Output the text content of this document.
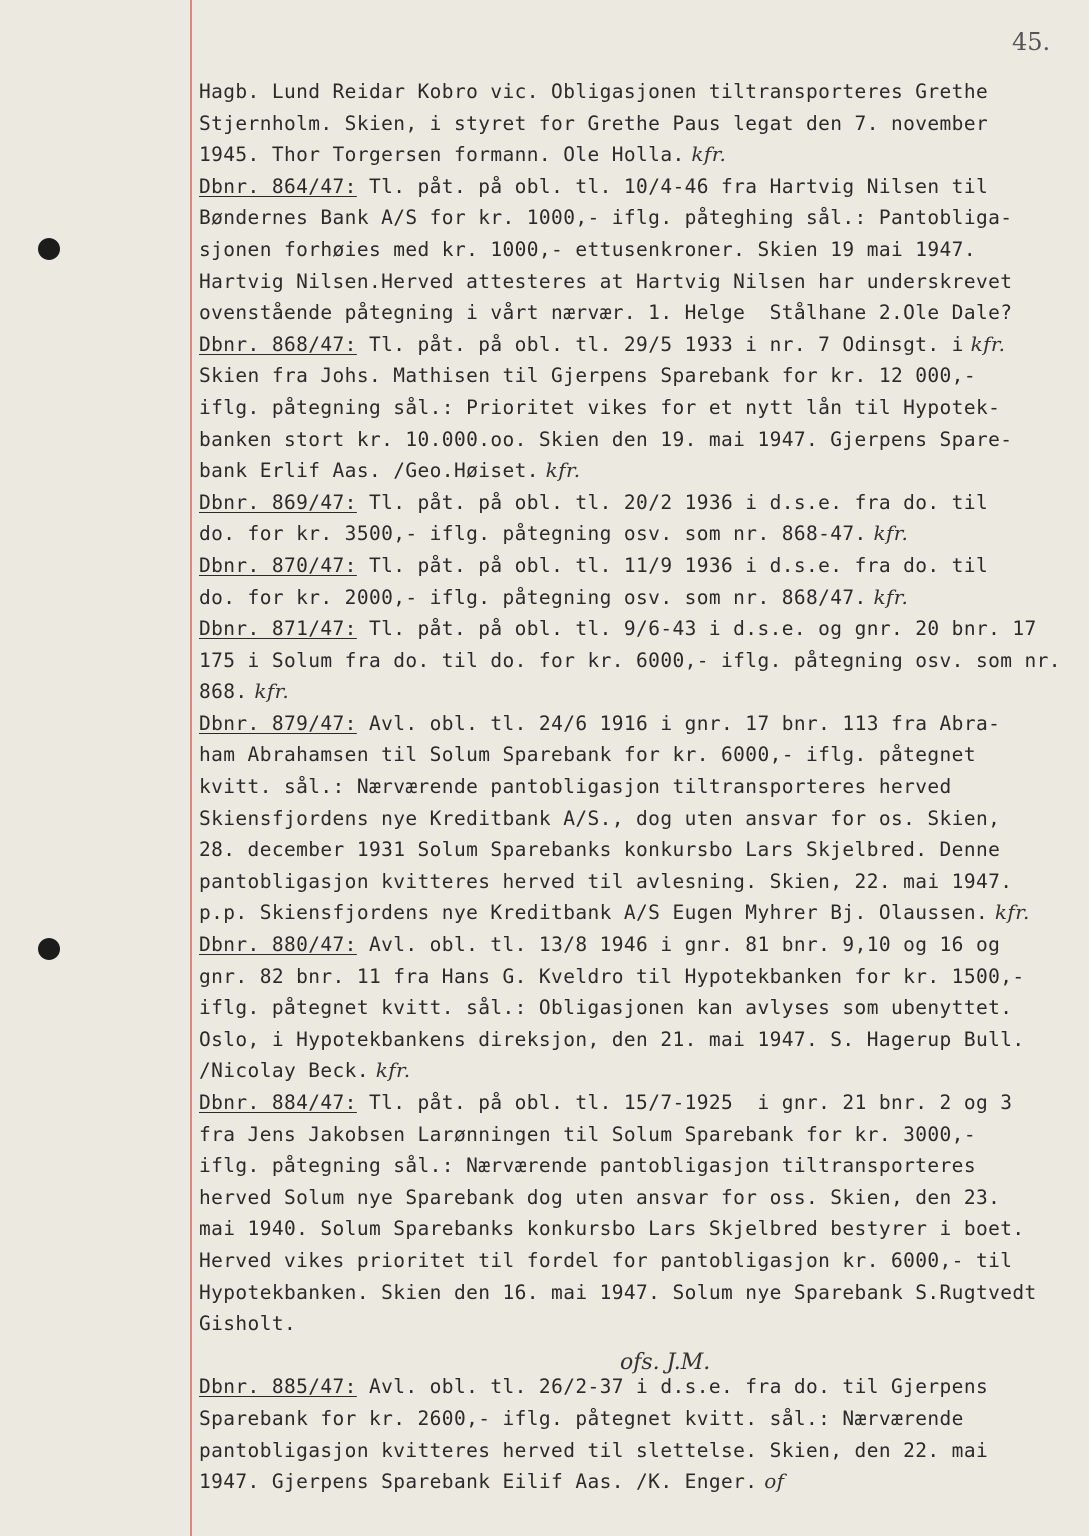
45.
Hagb. Lund Reidar Kobro vic. Obligasjonen tiltransporteres Grethe
Stjernholm. Skien, i styret for Grethe Paus legat den 7. november
1945. Thor Torgersen formann. Ole Holla. kfr.
Dbnr. 864/47: Tl. påt. på obl. tl. 10/4-46 fra Hartvig Nilsen til
Bøndernes Bank A/S for kr. 1000,- iflg. påteghing sål.: Pantobliga-
sjonen forhøies med kr. 1000,- ettusenkroner. Skien 19 mai 1947.
Hartvig Nilsen.Herved attesteres at Hartvig Nilsen har underskrevet
ovenstående påtegning i vårt nærvær. 1. Helge  Stålhane 2.Ole Dale?
Dbnr. 868/47: Tl. påt. på obl. tl. 29/5 1933 i nr. 7 Odinsgt. i kfr.
Skien fra Johs. Mathisen til Gjerpens Sparebank for kr. 12 000,-
iflg. påtegning sål.: Prioritet vikes for et nytt lån til Hypotek-
banken stort kr. 10.000.oo. Skien den 19. mai 1947. Gjerpens Spare-
bank Erlif Aas. /Geo.Høiset. kfr.
Dbnr. 869/47: Tl. påt. på obl. tl. 20/2 1936 i d.s.e. fra do. til
do. for kr. 3500,- iflg. påtegning osv. som nr. 868-47. kfr.
Dbnr. 870/47: Tl. påt. på obl. tl. 11/9 1936 i d.s.e. fra do. til
do. for kr. 2000,- iflg. påtegning osv. som nr. 868/47. kfr.
Dbnr. 871/47: Tl. påt. på obl. tl. 9/6-43 i d.s.e. og gnr. 20 bnr. 17
175 i Solum fra do. til do. for kr. 6000,- iflg. påtegning osv. som nr.
868. kfr.
Dbnr. 879/47: Avl. obl. tl. 24/6 1916 i gnr. 17 bnr. 113 fra Abra-
ham Abrahamsen til Solum Sparebank for kr. 6000,- iflg. påtegnet
kvitt. sål.: Nærværende pantobligasjon tiltransporteres herved
Skiensfjordens nye Kreditbank A/S., dog uten ansvar for os. Skien,
28. december 1931 Solum Sparebanks konkursbo Lars Skjelbred. Denne
pantobligasjon kvitteres herved til avlesning. Skien, 22. mai 1947.
p.p. Skiensfjordens nye Kreditbank A/S Eugen Myhrer Bj. Olaussen. kfr.
Dbnr. 880/47: Avl. obl. tl. 13/8 1946 i gnr. 81 bnr. 9,10 og 16 og
gnr. 82 bnr. 11 fra Hans G. Kveldro til Hypotekbanken for kr. 1500,-
iflg. påtegnet kvitt. sål.: Obligasjonen kan avlyses som ubenyttet.
Oslo, i Hypotekbankens direksjon, den 21. mai 1947. S. Hagerup Bull.
/Nicolay Beck. kfr.
Dbnr. 884/47: Tl. påt. på obl. tl. 15/7-1925  i gnr. 21 bnr. 2 og 3
fra Jens Jakobsen Larønningen til Solum Sparebank for kr. 3000,-
iflg. påtegning sål.: Nærværende pantobligasjon tiltransporteres
herved Solum nye Sparebank dog uten ansvar for oss. Skien, den 23.
mai 1940. Solum Sparebanks konkursbo Lars Skjelbred bestyrer i boet.
Herved vikes prioritet til fordel for pantobligasjon kr. 6000,- til
Hypotekbanken. Skien den 16. mai 1947. Solum nye Sparebank S.Rugtvedt
Gisholt.
Dbnr. 885/47: Avl. obl. tl. 26/2-37 i d.s.e. fra do. til Gjerpens
Sparebank for kr. 2600,- iflg. påtegnet kvitt. sål.: Nærværende
pantobligasjon kvitteres herved til slettelse. Skien, den 22. mai
1947. Gjerpens Sparebank Eilif Aas. /K. Enger. of
ofs. J.M.
